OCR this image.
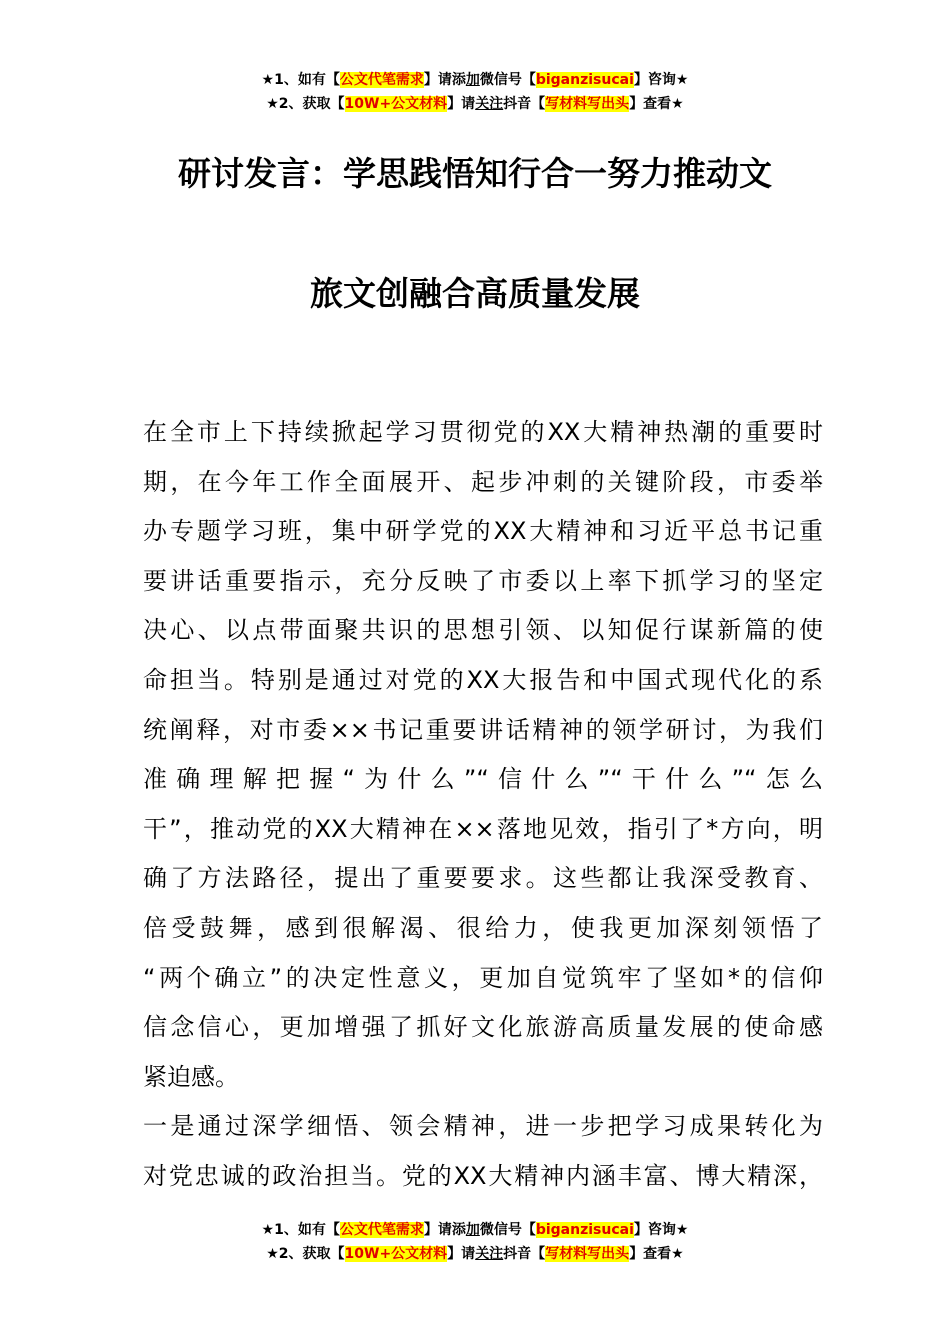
★1、如有【公文代笔需求】请添加微信号【biganzisucai】咨询★
★2、获取【10W+公文材料】请关注抖音【写材料写出头】查看★
研讨发言：学思践悟知行合一努力推动文
旅文创融合高质量发展
在全市上下持续掀起学习贯彻党的XX大精神热潮的重要时
期，在今年工作全面展开、起步冲刺的关键阶段，市委举
办专题学习班，集中研学党的XX大精神和习近平总书记重
要讲话重要指示，充分反映了市委以上率下抓学习的坚定
决心、以点带面聚共识的思想引领、以知促行谋新篇的使
命担当。特别是通过对党的XX大报告和中国式现代化的系
统阐释，对市委××书记重要讲话精神的领学研讨，为我们
准确理解把握“为什么”“信什么”“干什么”“怎么
干”，推动党的XX大精神在××落地见效，指引了*方向，明
确了方法路径，提出了重要要求。这些都让我深受教育、
倍受鼓舞，感到很解渴、很给力，使我更加深刻领悟了
“两个确立”的决定性意义，更加自觉筑牢了坚如*的信仰
信念信心，更加增强了抓好文化旅游高质量发展的使命感
紧迫感。
一是通过深学细悟、领会精神，进一步把学习成果转化为
对党忠诚的政治担当。党的XX大精神内涵丰富、博大精深，
★1、如有【公文代笔需求】请添加微信号【biganzisucai】咨询★
★2、获取【10W+公文材料】请关注抖音【写材料写出头】查看★
